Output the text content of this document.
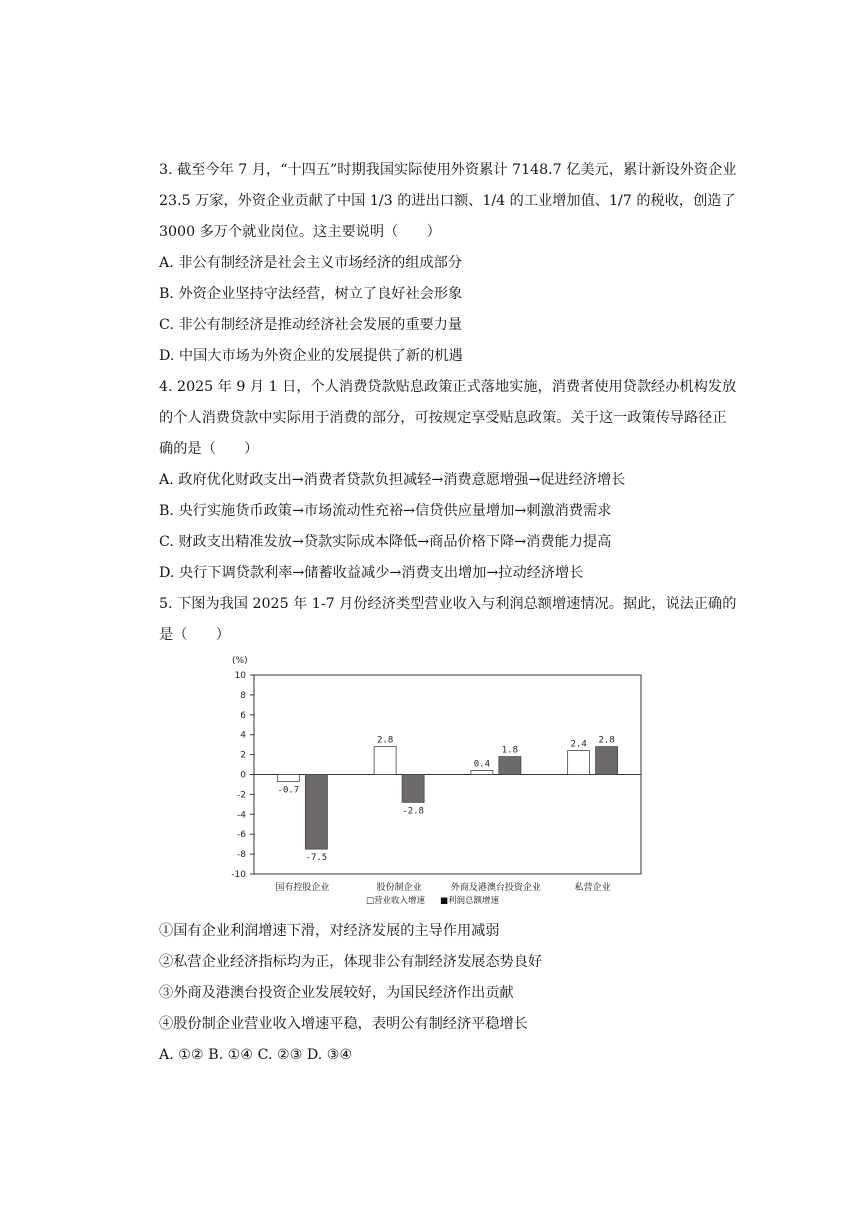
3. 截至今年 7 月，“十四五”时期我国实际使用外资累计 7148.7 亿美元，累计新设外资企业
23.5 万家，外资企业贡献了中国 1/3 的进出口额、1/4 的工业增加值、1/7 的税收，创造了
3000 多万个就业岗位。这主要说明（　　）
A. 非公有制经济是社会主义市场经济的组成部分
B. 外资企业坚持守法经营，树立了良好社会形象
C. 非公有制经济是推动经济社会发展的重要力量
D. 中国大市场为外资企业的发展提供了新的机遇
4. 2025 年 9 月 1 日，个人消费贷款贴息政策正式落地实施，消费者使用贷款经办机构发放
的个人消费贷款中实际用于消费的部分，可按规定享受贴息政策。关于这一政策传导路径正
确的是（　　）
A. 政府优化财政支出→消费者贷款负担减轻→消费意愿增强→促进经济增长
B. 央行实施货币政策→市场流动性充裕→信贷供应量增加→刺激消费需求
C. 财政支出精准发放→贷款实际成本降低→商品价格下降→消费能力提高
D. 央行下调贷款利率→储蓄收益减少→消费支出增加→拉动经济增长
5. 下图为我国 2025 年 1-7 月份经济类型营业收入与利润总额增速情况。据此，说法正确的
是（　　）
(%)
10
8
6
4
2
0
-2
-4
-6
-8
-10
-0.7
-7.5
2.8
-2.8
0.4
1.8
2.4 2.8
国有控股企业	股份制企业	外商及港澳台投资企业	私营企业
□营业收入增速 ■利润总额增速
①国有企业利润增速下滑，对经济发展的主导作用减弱
②私营企业经济指标均为正，体现非公有制经济发展态势良好
③外商及港澳台投资企业发展较好，为国民经济作出贡献
④股份制企业营业收入增速平稳，表明公有制经济平稳增长
A. ①② B. ①④ C. ②③ D. ③④
